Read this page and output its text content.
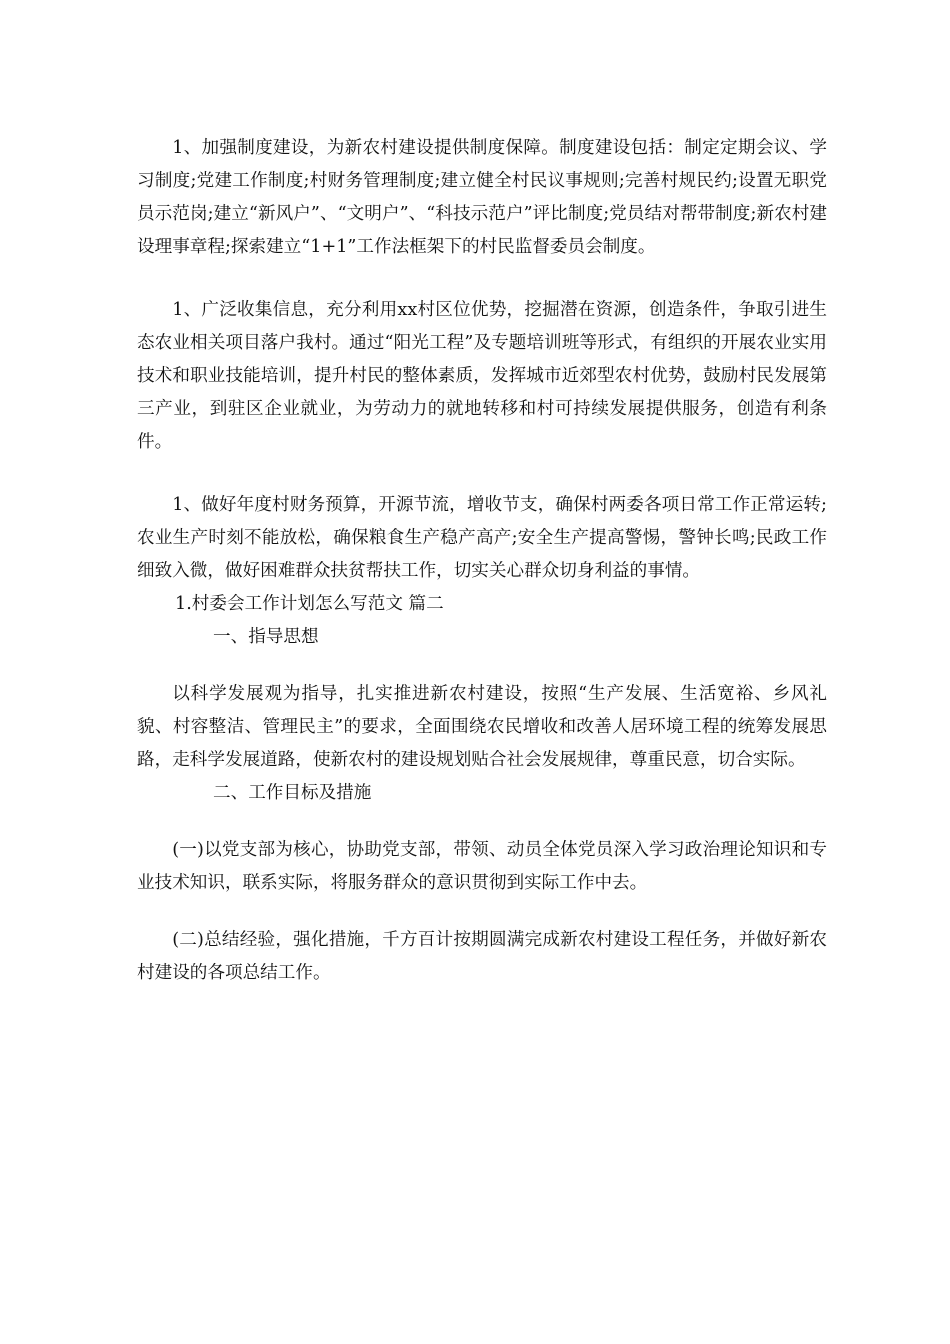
1、加强制度建设，为新农村建设提供制度保障。制度建设包括：制定定期会议、学习制度;党建工作制度;村财务管理制度;建立健全村民议事规则;完善村规民约;设置无职党员示范岗;建立“新风户”、“文明户”、“科技示范户”评比制度;党员结对帮带制度;新农村建设理事章程;探索建立“1+1”工作法框架下的村民监督委员会制度。

1、广泛收集信息，充分利用xx村区位优势，挖掘潜在资源，创造条件，争取引进生态农业相关项目落户我村。通过“阳光工程”及专题培训班等形式，有组织的开展农业实用技术和职业技能培训，提升村民的整体素质，发挥城市近郊型农村优势，鼓励村民发展第三产业，到驻区企业就业，为劳动力的就地转移和村可持续发展提供服务，创造有利条件。

1、做好年度村财务预算，开源节流，增收节支，确保村两委各项日常工作正常运转;农业生产时刻不能放松，确保粮食生产稳产高产;安全生产提高警惕，警钟长鸣;民政工作细致入微，做好困难群众扶贫帮扶工作，切实关心群众切身利益的事情。

1.村委会工作计划怎么写范文 篇二

一、指导思想

以科学发展观为指导，扎实推进新农村建设，按照“生产发展、生活宽裕、乡风礼貌、村容整洁、管理民主”的要求，全面围绕农民增收和改善人居环境工程的统筹发展思路，走科学发展道路，使新农村的建设规划贴合社会发展规律，尊重民意，切合实际。

二、工作目标及措施

(一)以党支部为核心，协助党支部，带领、动员全体党员深入学习政治理论知识和专业技术知识，联系实际，将服务群众的意识贯彻到实际工作中去。

(二)总结经验，强化措施，千方百计按期圆满完成新农村建设工程任务，并做好新农村建设的各项总结工作。
